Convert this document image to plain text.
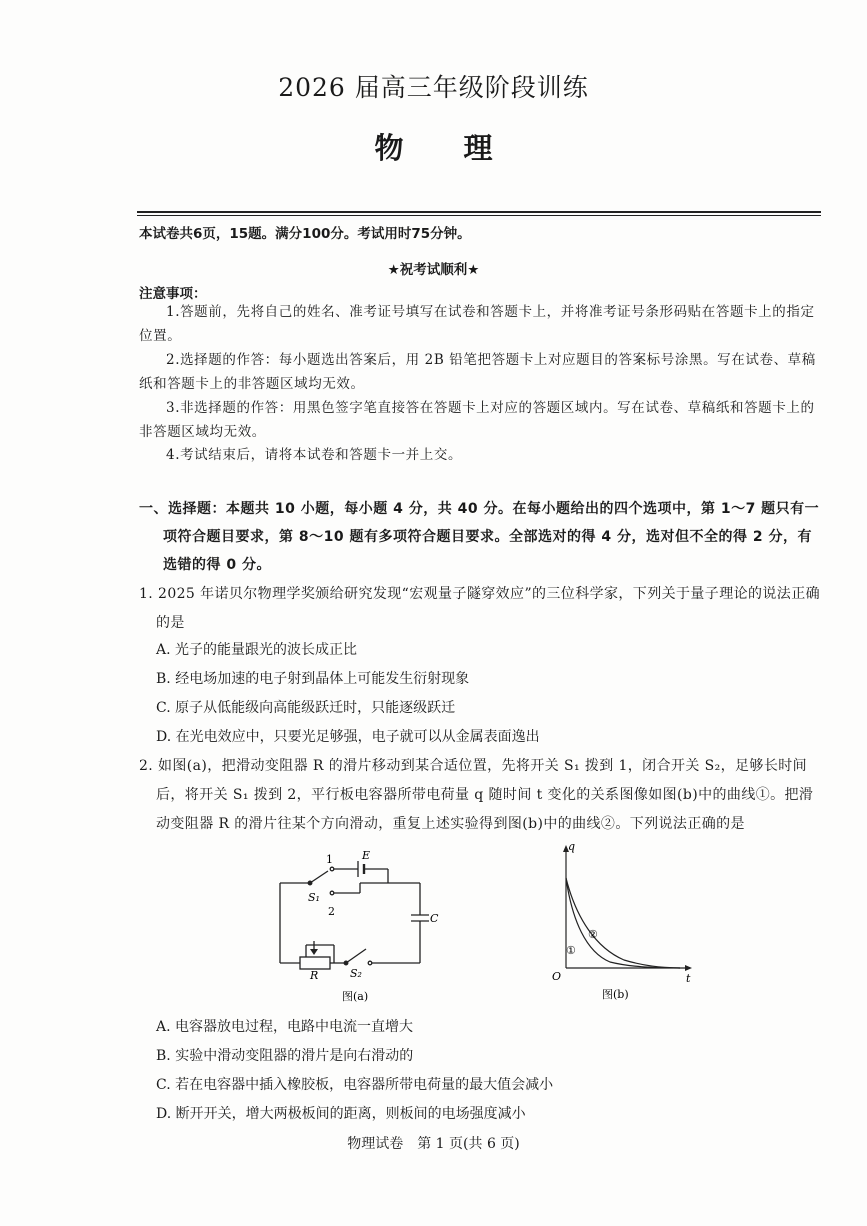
2026 届高三年级阶段训练
物理
本试卷共6页，15题。满分100分。考试用时75分钟。
★祝考试顺利★
注意事项：
1.答题前，先将自己的姓名、准考证号填写在试卷和答题卡上，并将准考证号条形码贴在答题卡上的指定位置。
2.选择题的作答：每小题选出答案后，用 2B 铅笔把答题卡上对应题目的答案标号涂黑。写在试卷、草稿纸和答题卡上的非答题区域均无效。
3.非选择题的作答：用黑色签字笔直接答在答题卡上对应的答题区域内。写在试卷、草稿纸和答题卡上的非答题区域均无效。
4.考试结束后，请将本试卷和答题卡一并上交。
一、选择题：本题共 10 小题，每小题 4 分，共 40 分。在每小题给出的四个选项中，第 1～7 题只有一项符合题目要求，第 8～10 题有多项符合题目要求。全部选对的得 4 分，选对但不全的得 2 分，有选错的得 0 分。
1. 2025 年诺贝尔物理学奖颁给研究发现“宏观量子隧穿效应”的三位科学家，下列关于量子理论的说法正确的是
A. 光子的能量跟光的波长成正比
B. 经电场加速的电子射到晶体上可能发生衍射现象
C. 原子从低能级向高能级跃迁时，只能逐级跃迁
D. 在光电效应中，只要光足够强，电子就可以从金属表面逸出
2. 如图(a)，把滑动变阻器 R 的滑片移动到某合适位置，先将开关 S₁ 拨到 1，闭合开关 S₂，足够长时间后，将开关 S₁ 拨到 2，平行板电容器所带电荷量 q 随时间 t 变化的关系图像如图(b)中的曲线①。把滑动变阻器 R 的滑片往某个方向滑动，重复上述实验得到图(b)中的曲线②。下列说法正确的是
1
2
E
C
S₁
R	S₂
图(a)
q
t
O
①
②
图(b)
A. 电容器放电过程，电路中电流一直增大
B. 实验中滑动变阻器的滑片是向右滑动的
C. 若在电容器中插入橡胶板，电容器所带电荷量的最大值会减小
D. 断开开关，增大两极板间的距离，则板间的电场强度减小
物理试卷　第 1 页(共 6 页)
